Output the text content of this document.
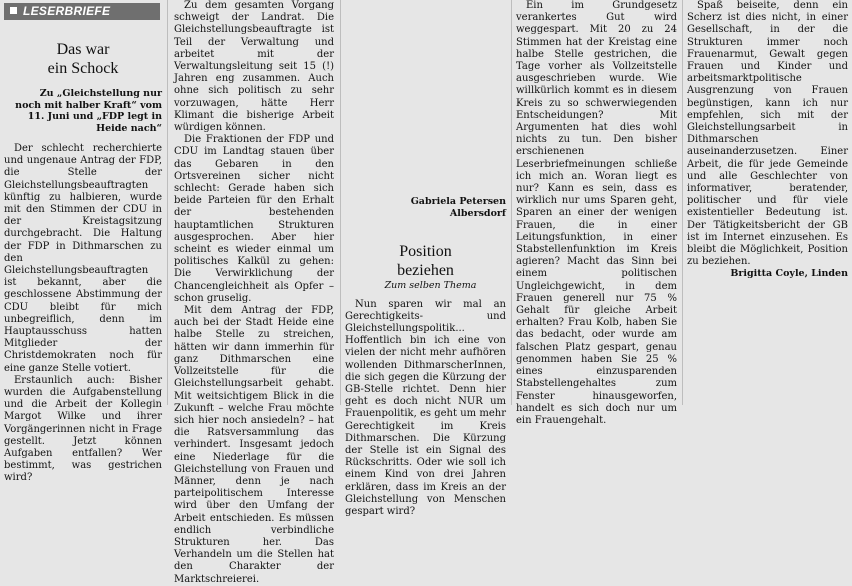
LESERBRIEFE
Das war
ein Schock

Zu „Gleichstellung nur noch mit halber Kraft“ vom 11. Juni und „FDP legt in Heide nach“

Der schlecht recherchierte und ungenaue Antrag der FDP, die Stelle der Gleichstellungsbeauftragten künftig zu halbieren, wurde mit den Stimmen der CDU in der Kreistagsitzung durchgebracht. Die Haltung der FDP in Dithmarschen zu den Gleichstellungsbeauftragten ist bekannt, aber die geschlossene Abstimmung der CDU bleibt für mich unbegreiflich, denn im Hauptausschuss hatten Mitglieder der Christdemokraten noch für eine ganze Stelle votiert.

Erstaunlich auch: Bisher wurden die Aufgabenstellung und die Arbeit der Kollegin Margot Wilke und ihrer Vorgängerinnen nicht in Frage gestellt. Jetzt können Aufgaben entfallen? Wer bestimmt, was gestrichen wird?

Zu dem gesamten Vorgang schweigt der Landrat. Die Gleichstellungsbeauftragte ist Teil der Verwaltung und arbeitet mit der Verwaltungsleitung seit 15 (!) Jahren eng zusammen. Auch ohne sich politisch zu sehr vorzuwagen, hätte Herr Klimant die bisherige Arbeit würdigen können.

Die Fraktionen der FDP und CDU im Landtag stauen über das Gebaren in den Ortsvereinen sicher nicht schlecht: Gerade haben sich beide Parteien für den Erhalt der bestehenden hauptamtlichen Strukturen ausgesprochen. Aber hier scheint es wieder einmal um politisches Kalkül zu gehen: Die Verwirklichung der Chancengleichheit als Opfer – schon gruselig.

Mit dem Antrag der FDP, auch bei der Stadt Heide eine halbe Stelle zu streichen, hätten wir dann immerhin für ganz Dithmarschen eine Vollzeitstelle für die Gleichstellungsarbeit gehabt. Mit weitsichtigem Blick in die Zukunft – welche Frau möchte sich hier noch ansiedeln? – hat die Ratsversammlung das verhindert. Insgesamt jedoch eine Niederlage für die Gleichstellung von Frauen und Männer, denn je nach parteipolitischem Interesse wird über den Umfang der Arbeit entschieden. Es müssen endlich verbindliche Strukturen her. Das Verhandeln um die Stellen hat den Charakter der Marktschreierei.

Gabriela Petersen

Albersdorf

Position
beziehen

Zum selben Thema

Nun sparen wir mal an Gerechtigkeits- und Gleichstellungspolitik... Hoffentlich bin ich eine von vielen der nicht mehr aufhören wollenden DithmarscherInnen, die sich gegen die Kürzung der GB-Stelle richtet. Denn hier geht es doch nicht NUR um Frauenpolitik, es geht um mehr Gerechtigkeit im Kreis Dithmarschen. Die Kürzung der Stelle ist ein Signal des Rückschritts. Oder wie soll ich einem Kind von drei Jahren erklären, dass im Kreis an der Gleichstellung von Menschen gespart wird?

Ein im Grundgesetz verankertes Gut wird weggespart. Mit 20 zu 24 Stimmen hat der Kreistag eine halbe Stelle gestrichen, die Tage vorher als Vollzeitstelle ausgeschrieben wurde. Wie willkürlich kommt es in diesem Kreis zu so schwerwiegenden Entscheidungen? Mit Argumenten hat dies wohl nichts zu tun. Den bisher erschienenen Leserbriefmeinungen schließe ich mich an. Woran liegt es nur? Kann es sein, dass es wirklich nur ums Sparen geht, Sparen an einer der wenigen Frauen, die in einer Leitungsfunktion, in einer Stabstellenfunktion im Kreis agieren? Macht das Sinn bei einem politischen Ungleichgewicht, in dem Frauen generell nur 75 % Gehalt für gleiche Arbeit erhalten? Frau Kolb, haben Sie das bedacht, oder wurde am falschen Platz gespart, genau genommen haben Sie 25 % eines einzusparenden Stabstellengehaltes zum Fenster hinausgeworfen, handelt es sich doch nur um ein Frauengehalt.

Spaß beiseite, denn ein Scherz ist dies nicht, in einer Gesellschaft, in der die Strukturen immer noch Frauenarmut, Gewalt gegen Frauen und Kinder und arbeitsmarktpolitische Ausgrenzung von Frauen begünstigen, kann ich nur empfehlen, sich mit der Gleichstellungsarbeit in Dithmarschen auseinanderzusetzen. Einer Arbeit, die für jede Gemeinde und alle Geschlechter von informativer, beratender, politischer und für viele existentieller Bedeutung ist. Der Tätigkeitsbericht der GB ist im Internet einzusehen. Es bleibt die Möglichkeit, Position zu beziehen.

Brigitta Coyle, Linden
